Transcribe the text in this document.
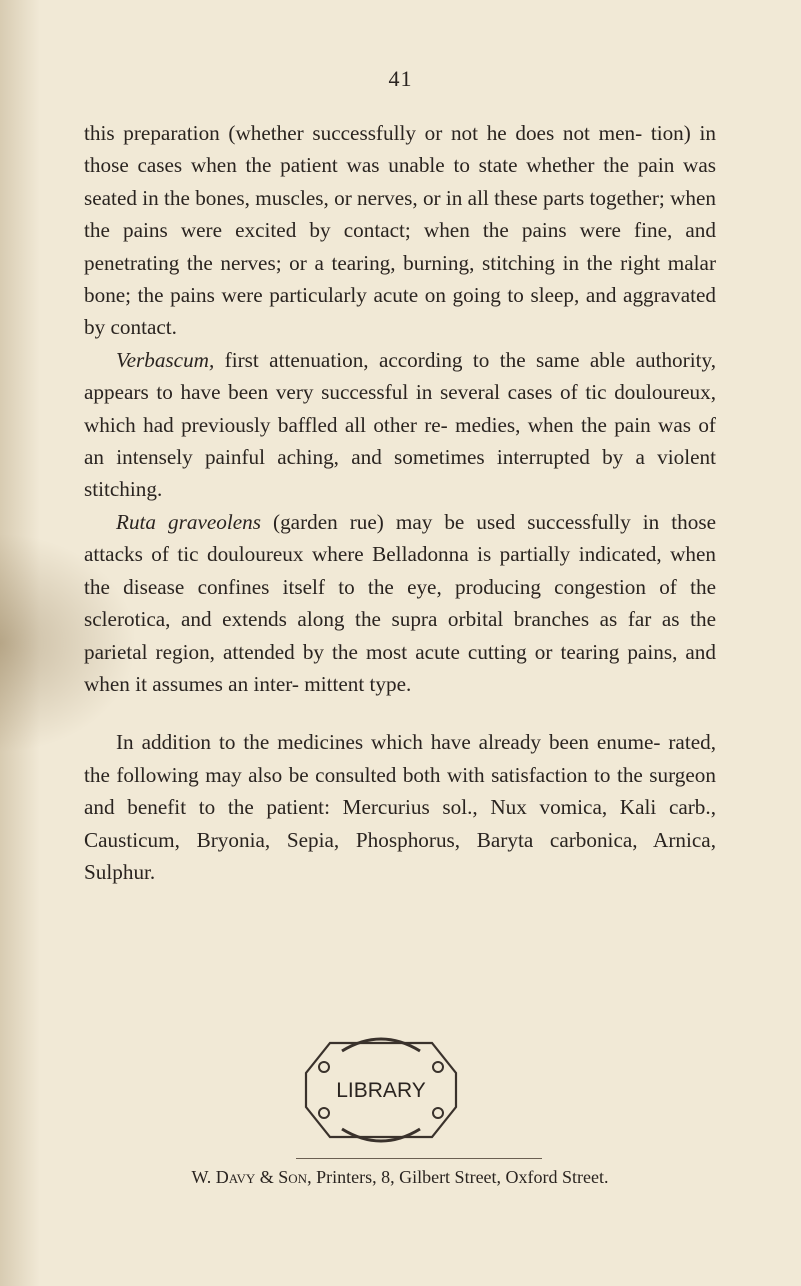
41

this preparation (whether successfully or not he does not men- tion) in those cases when the patient was unable to state whether the pain was seated in the bones, muscles, or nerves, or in all these parts together; when the pains were excited by contact; when the pains were fine, and penetrating the nerves; or a tearing, burning, stitching in the right malar bone; the pains were particularly acute on going to sleep, and aggravated by contact.

Verbascum, first attenuation, according to the same able authority, appears to have been very successful in several cases of tic douloureux, which had previously baffled all other re- medies, when the pain was of an intensely painful aching, and sometimes interrupted by a violent stitching.

Ruta graveolens (garden rue) may be used successfully in those attacks of tic douloureux where Belladonna is partially indicated, when the disease confines itself to the eye, producing congestion of the sclerotica, and extends along the supra orbital branches as far as the parietal region, attended by the most acute cutting or tearing pains, and when it assumes an inter- mittent type.

In addition to the medicines which have already been enume- rated, the following may also be consulted both with satisfaction to the surgeon and benefit to the patient: Mercurius sol., Nux vomica, Kali carb., Causticum, Bryonia, Sepia, Phosphorus, Baryta carbonica, Arnica, Sulphur.

LIBRARY
W. Davy & Son, Printers, 8, Gilbert Street, Oxford Street.
